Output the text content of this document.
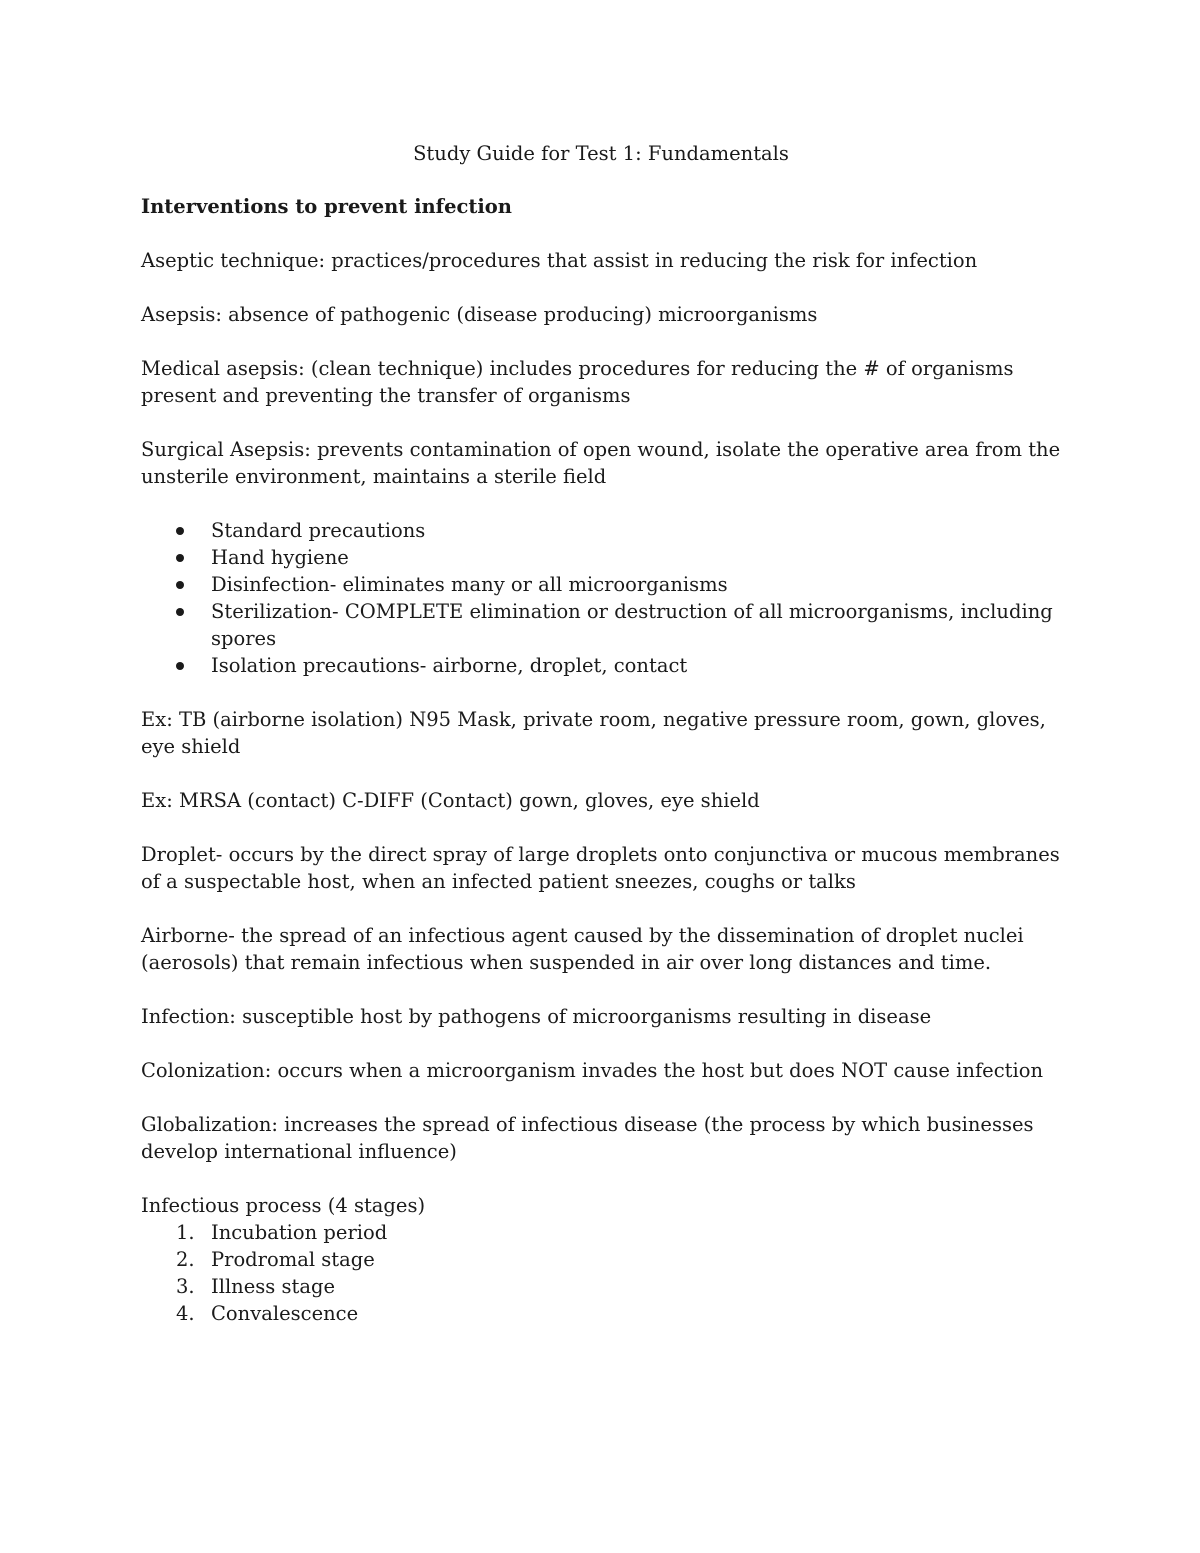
Study Guide for Test 1: Fundamentals
Interventions to prevent infection

Aseptic technique: practices/procedures that assist in reducing the risk for infection

Asepsis: absence of pathogenic (disease producing) microorganisms

Medical asepsis: (clean technique) includes procedures for reducing the # of organisms present and preventing the transfer of organisms

Surgical Asepsis: prevents contamination of open wound, isolate the operative area from the unsterile environment, maintains a sterile field

Standard precautions
Hand hygiene
Disinfection- eliminates many or all microorganisms
Sterilization- COMPLETE elimination or destruction of all microorganisms, including spores
Isolation precautions- airborne, droplet, contact

Ex: TB (airborne isolation) N95 Mask, private room, negative pressure room, gown, gloves, eye shield

Ex: MRSA (contact) C-DIFF (Contact) gown, gloves, eye shield

Droplet- occurs by the direct spray of large droplets onto conjunctiva or mucous membranes of a suspectable host, when an infected patient sneezes, coughs or talks

Airborne- the spread of an infectious agent caused by the dissemination of droplet nuclei (aerosols) that remain infectious when suspended in air over long distances and time.

Infection: susceptible host by pathogens of microorganisms resulting in disease

Colonization: occurs when a microorganism invades the host but does NOT cause infection

Globalization: increases the spread of infectious disease (the process by which businesses develop international influence)

Infectious process (4 stages)

1. Incubation period
2. Prodromal stage
3. Illness stage
4. Convalescence
